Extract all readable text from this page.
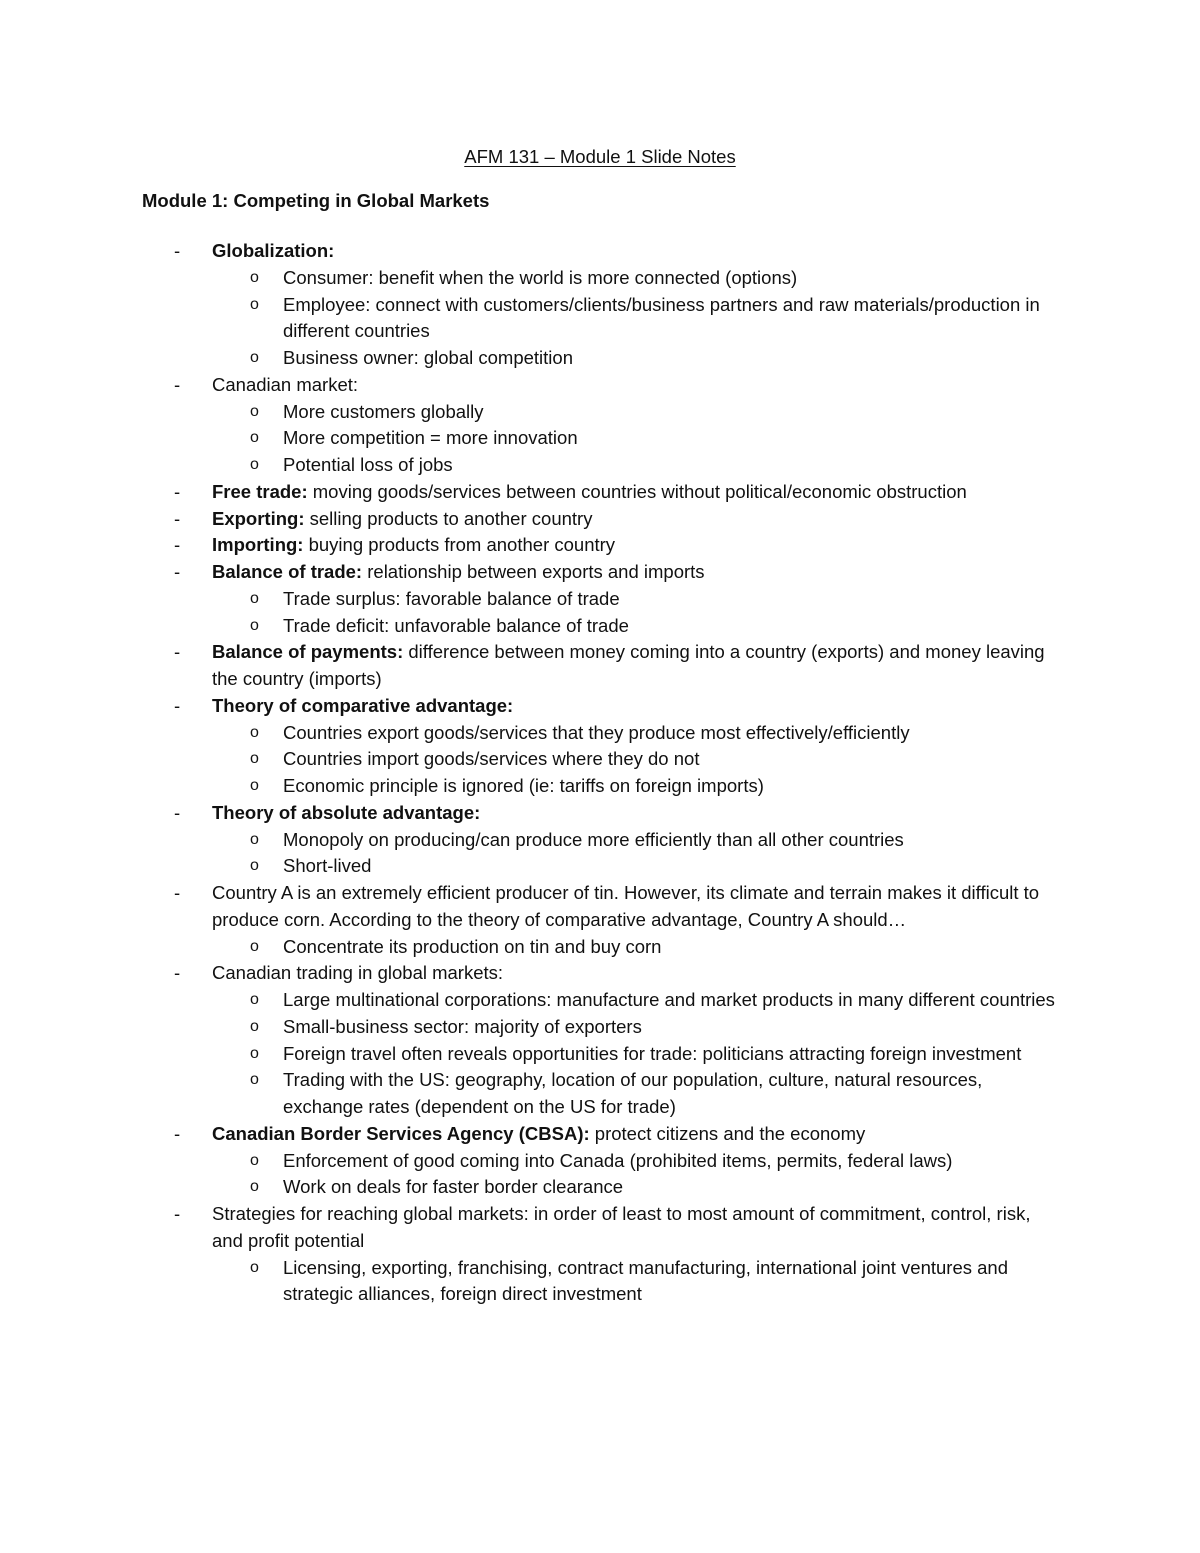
AFM 131 – Module 1 Slide Notes
Module 1: Competing in Global Markets
- Globalization:
o Consumer: benefit when the world is more connected (options)
o Employee: connect with customers/clients/business partners and raw materials/production in different countries
o Business owner: global competition
- Canadian market:
o More customers globally
o More competition = more innovation
o Potential loss of jobs
- Free trade: moving goods/services between countries without political/economic obstruction
- Exporting: selling products to another country
- Importing: buying products from another country
- Balance of trade: relationship between exports and imports
o Trade surplus: favorable balance of trade
o Trade deficit: unfavorable balance of trade
- Balance of payments: difference between money coming into a country (exports) and money leaving the country (imports)
- Theory of comparative advantage:
o Countries export goods/services that they produce most effectively/efficiently
o Countries import goods/services where they do not
o Economic principle is ignored (ie: tariffs on foreign imports)
- Theory of absolute advantage:
o Monopoly on producing/can produce more efficiently than all other countries
o Short-lived
- Country A is an extremely efficient producer of tin. However, its climate and terrain makes it difficult to produce corn. According to the theory of comparative advantage, Country A should…
o Concentrate its production on tin and buy corn
- Canadian trading in global markets:
o Large multinational corporations: manufacture and market products in many different countries
o Small-business sector: majority of exporters
o Foreign travel often reveals opportunities for trade: politicians attracting foreign investment
o Trading with the US: geography, location of our population, culture, natural resources, exchange rates (dependent on the US for trade)
- Canadian Border Services Agency (CBSA): protect citizens and the economy
o Enforcement of good coming into Canada (prohibited items, permits, federal laws)
o Work on deals for faster border clearance
- Strategies for reaching global markets: in order of least to most amount of commitment, control, risk, and profit potential
o Licensing, exporting, franchising, contract manufacturing, international joint ventures and strategic alliances, foreign direct investment
